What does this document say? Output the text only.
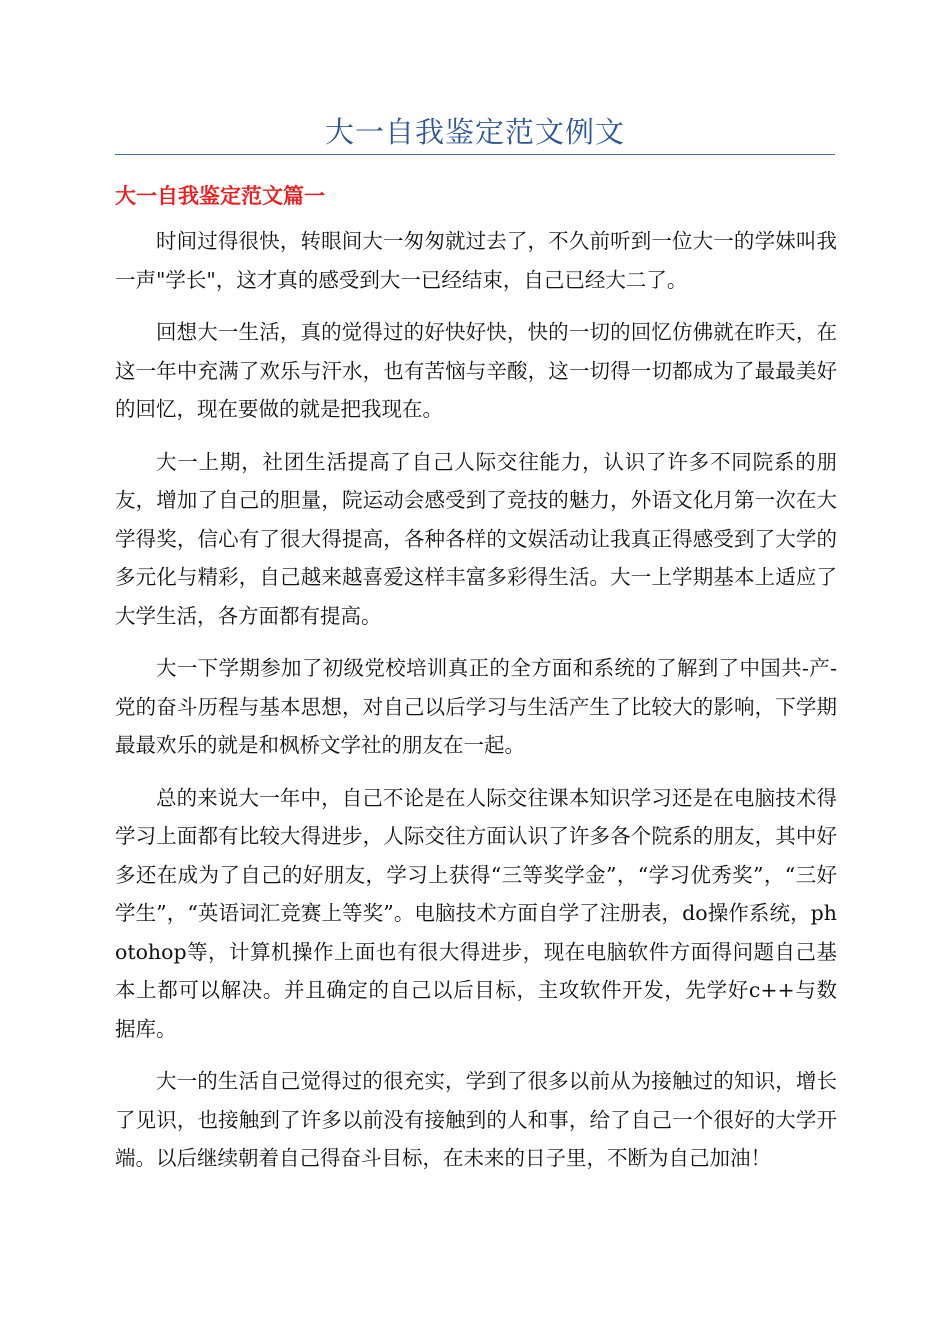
大一自我鉴定范文例文
大一自我鉴定范文篇一

时间过得很快，转眼间大一匆匆就过去了，不久前听到一位大一的学妹叫我一声"学长"，这才真的感受到大一已经结束，自己已经大二了。

回想大一生活，真的觉得过的好快好快，快的一切的回忆仿佛就在昨天，在这一年中充满了欢乐与汗水，也有苦恼与辛酸，这一切得一切都成为了最最美好的回忆，现在要做的就是把我现在。

大一上期，社团生活提高了自己人际交往能力，认识了许多不同院系的朋友，增加了自己的胆量，院运动会感受到了竞技的魅力，外语文化月第一次在大学得奖，信心有了很大得提高，各种各样的文娱活动让我真正得感受到了大学的多元化与精彩，自己越来越喜爱这样丰富多彩得生活。大一上学期基本上适应了大学生活，各方面都有提高。

大一下学期参加了初级党校培训真正的全方面和系统的了解到了中国共-产-党的奋斗历程与基本思想，对自己以后学习与生活产生了比较大的影响，下学期最最欢乐的就是和枫桥文学社的朋友在一起。

总的来说大一年中，自己不论是在人际交往课本知识学习还是在电脑技术得学习上面都有比较大得进步，人际交往方面认识了许多各个院系的朋友，其中好多还在成为了自己的好朋友，学习上获得“三等奖学金”，“学习优秀奖”，“三好学生”，“英语词汇竞赛上等奖”。电脑技术方面自学了注册表，do操作系统，photohop等，计算机操作上面也有很大得进步，现在电脑软件方面得问题自己基本上都可以解决。并且确定的自己以后目标，主攻软件开发，先学好c++与数据库。

大一的生活自己觉得过的很充实，学到了很多以前从为接触过的知识，增长了见识，也接触到了许多以前没有接触到的人和事，给了自己一个很好的大学开端。以后继续朝着自己得奋斗目标，在未来的日子里，不断为自己加油！
